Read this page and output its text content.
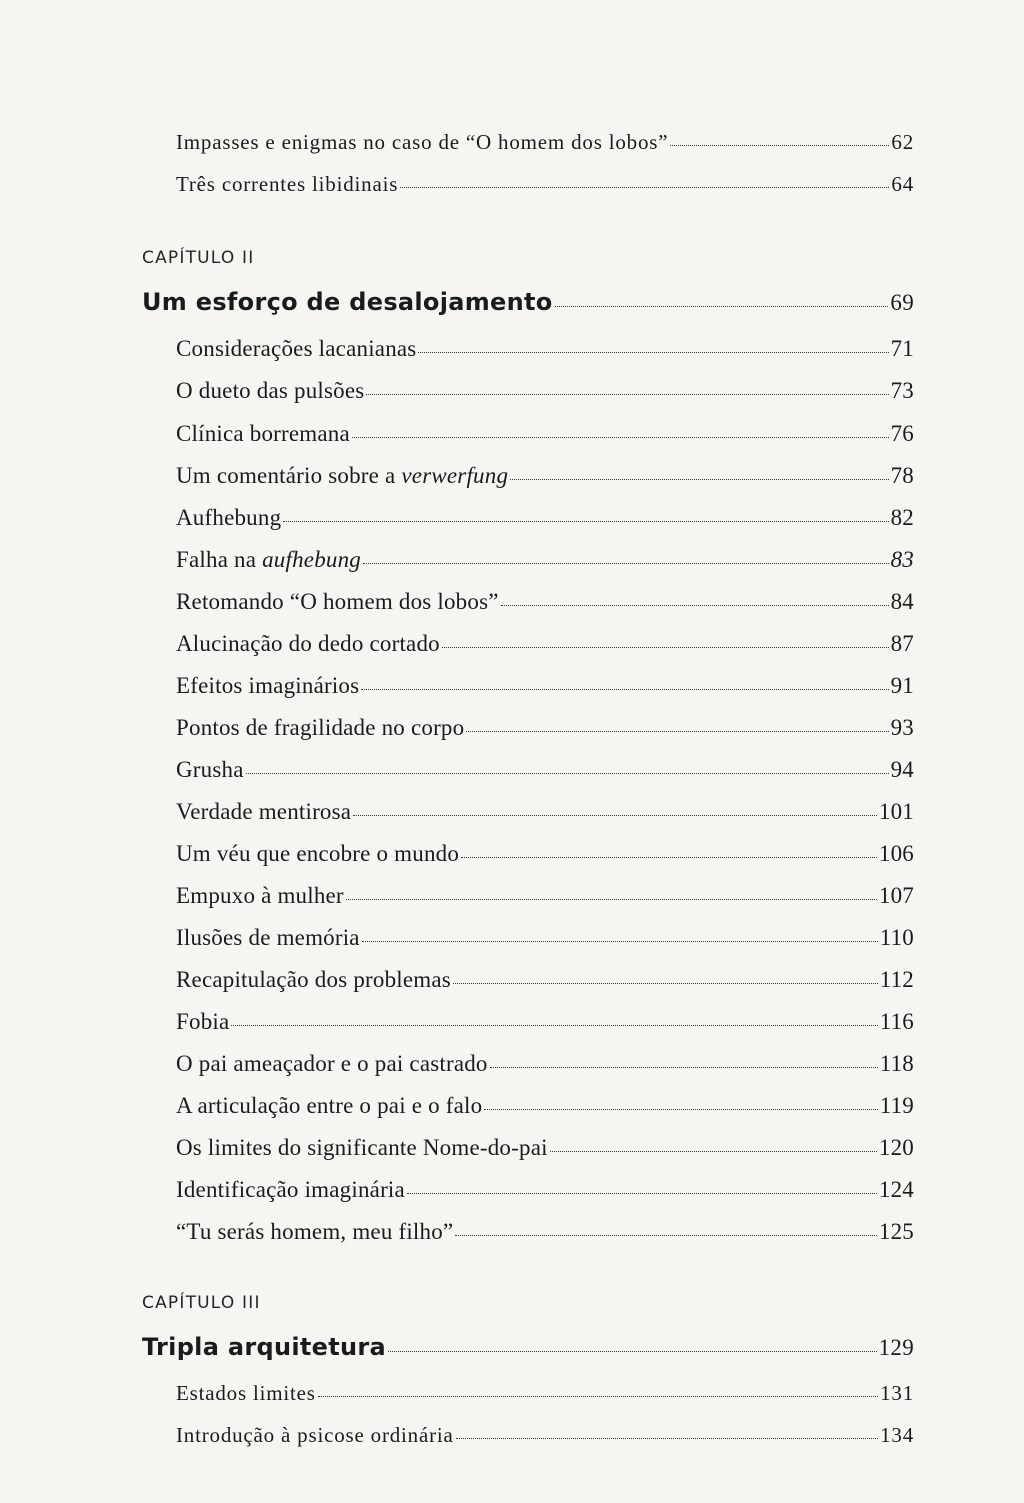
Impasses e enigmas no caso de “O homem dos lobos”	62
Três correntes libidinais	64
CAPÍTULO II
Um esforço de desalojamento	69
Considerações lacanianas	71
O dueto das pulsões	73
Clínica borremana	76
Um comentário sobre a verwerfung	78
Aufhebung	82
Falha na aufhebung	83
Retomando “O homem dos lobos”	84
Alucinação do dedo cortado	87
Efeitos imaginários	91
Pontos de fragilidade no corpo	93
Grusha	94
Verdade mentirosa	101
Um véu que encobre o mundo	106
Empuxo à mulher	107
Ilusões de memória	110
Recapitulação dos problemas	112
Fobia	116
O pai ameaçador e o pai castrado	118
A articulação entre o pai e o falo	119
Os limites do significante Nome-do-pai	120
Identificação imaginária	124
“Tu serás homem, meu filho”	125
CAPÍTULO III
Tripla arquitetura	129
Estados limites	131
Introdução à psicose ordinária	134
